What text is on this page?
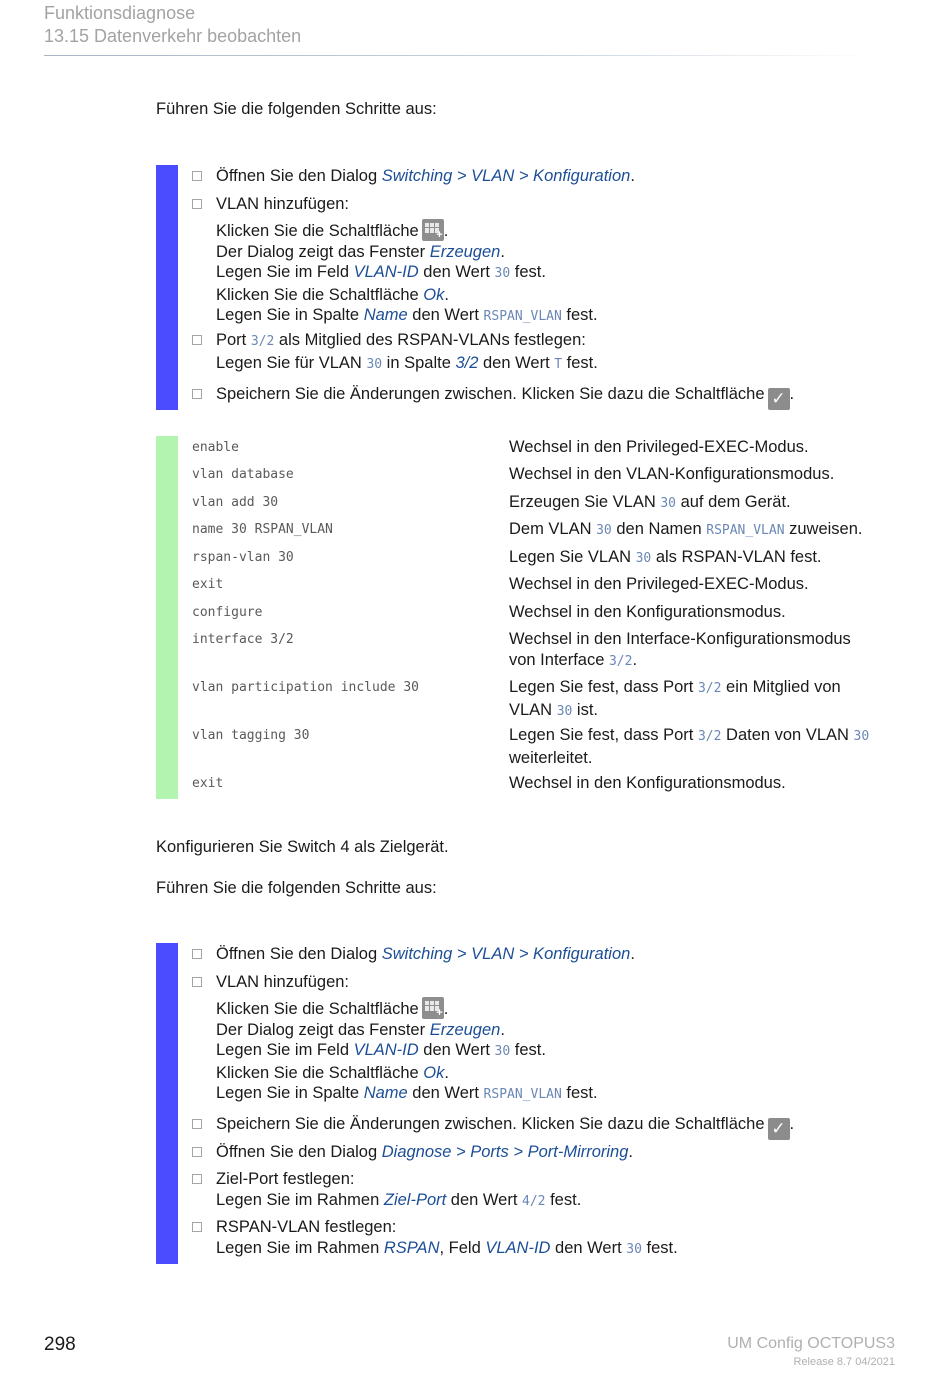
Funktionsdiagnose
13.15 Datenverkehr beobachten
Führen Sie die folgenden Schritte aus:
Öffnen Sie den Dialog Switching > VLAN > Konfiguration.
VLAN hinzufügen:
Klicken Sie die Schaltfläche + .
Der Dialog zeigt das Fenster Erzeugen.
Legen Sie im Feld VLAN-ID den Wert 30 fest.
Klicken Sie die Schaltfläche Ok.
Legen Sie in Spalte Name den Wert RSPAN_VLAN fest.
Port 3/2 als Mitglied des RSPAN-VLANs festlegen:
Legen Sie für VLAN 30 in Spalte 3/2 den Wert T fest.
Speichern Sie die Änderungen zwischen. Klicken Sie dazu die Schaltfläche ✓ .
enable	Wechsel in den Privileged-EXEC-Modus.
vlan database	Wechsel in den VLAN-Konfigurationsmodus.
vlan add 30	Erzeugen Sie VLAN 30 auf dem Gerät.
name 30 RSPAN_VLAN	Dem VLAN 30 den Namen RSPAN_VLAN zuweisen.
rspan-vlan 30	Legen Sie VLAN 30 als RSPAN-VLAN fest.
exit	Wechsel in den Privileged-EXEC-Modus.
configure	Wechsel in den Konfigurationsmodus.
interface 3/2	Wechsel in den Interface-Konfigurationsmodus
von Interface 3/2.
vlan participation include 30	Legen Sie fest, dass Port 3/2 ein Mitglied von
VLAN 30 ist.
vlan tagging 30	Legen Sie fest, dass Port 3/2 Daten von VLAN 30
weiterleitet.
exit	Wechsel in den Konfigurationsmodus.
Konfigurieren Sie Switch 4 als Zielgerät.
Führen Sie die folgenden Schritte aus:
Öffnen Sie den Dialog Switching > VLAN > Konfiguration.
VLAN hinzufügen:
Klicken Sie die Schaltfläche + .
Der Dialog zeigt das Fenster Erzeugen.
Legen Sie im Feld VLAN-ID den Wert 30 fest.
Klicken Sie die Schaltfläche Ok.
Legen Sie in Spalte Name den Wert RSPAN_VLAN fest.
Speichern Sie die Änderungen zwischen. Klicken Sie dazu die Schaltfläche ✓ .
Öffnen Sie den Dialog Diagnose > Ports > Port-Mirroring.
Ziel-Port festlegen:
Legen Sie im Rahmen Ziel-Port den Wert 4/2 fest.
RSPAN-VLAN festlegen:
Legen Sie im Rahmen RSPAN, Feld VLAN-ID den Wert 30 fest.
298	UM Config OCTOPUS3
Release 8.7 04/2021
